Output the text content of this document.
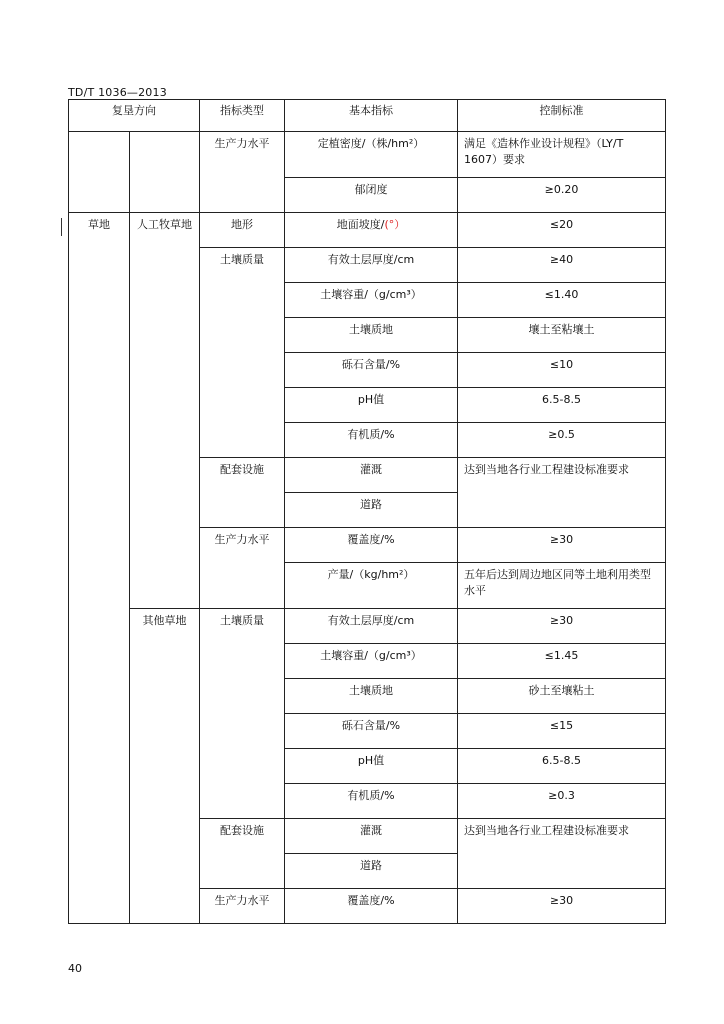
TD/T 1036—2013
复垦方向		指标类型	基本指标	控制标准
		生产力水平	定植密度/（株/hm²）	满足《造林作业设计规程》（LY/T 1607）要求
			郁闭度	≥0.20
草地	人工牧草地	地形	地面坡度/(°）	≤20
		土壤质量	有效土层厚度/cm	≥40
			土壤容重/（g/cm³）	≤1.40
			土壤质地	壤土至粘壤土
			砾石含量/%	≤10
			pH值	6.5-8.5
			有机质/%	≥0.5
		配套设施	灌溉	达到当地各行业工程建设标准要求
			道路	
		生产力水平	覆盖度/%	≥30
			产量/（kg/hm²）	五年后达到周边地区同等土地利用类型水平
	其他草地	土壤质量	有效土层厚度/cm	≥30
			土壤容重/（g/cm³）	≤1.45
			土壤质地	砂土至壤粘土
			砾石含量/%	≤15
			pH值	6.5-8.5
			有机质/%	≥0.3
		配套设施	灌溉	达到当地各行业工程建设标准要求
			道路	
		生产力水平	覆盖度/%	≥30
40
